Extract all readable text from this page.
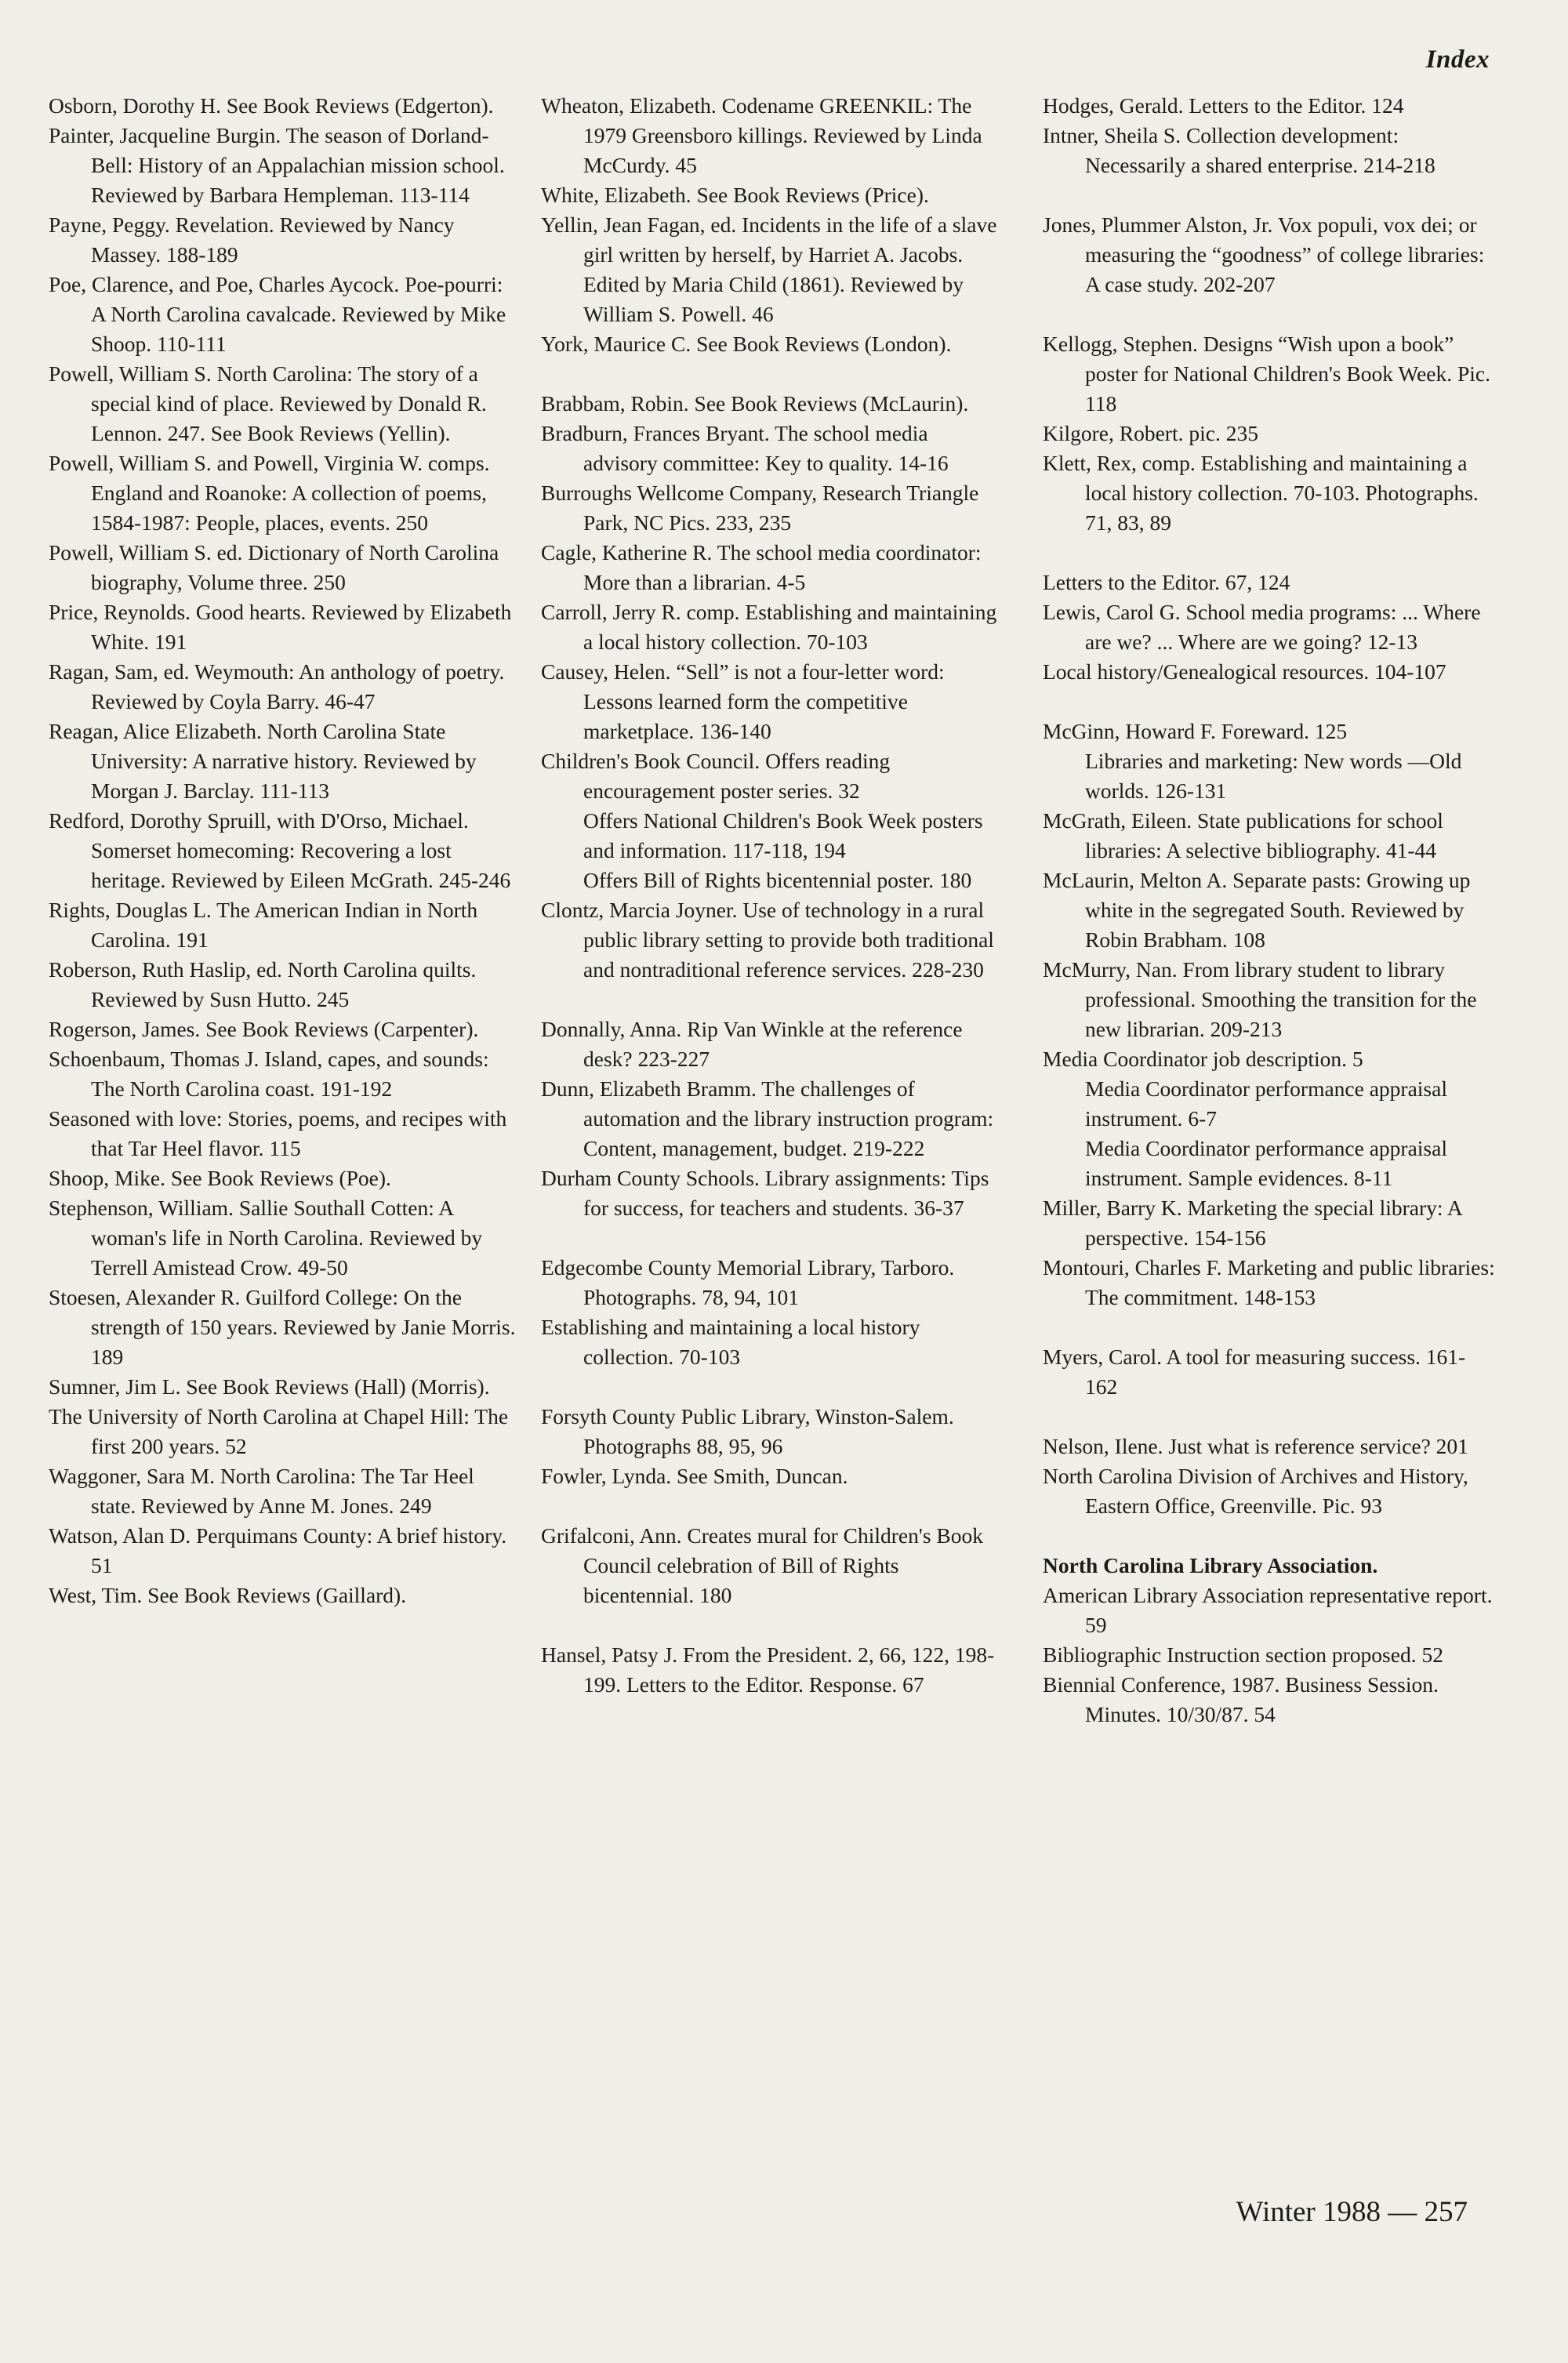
Index

Osborn, Dorothy H. See Book Reviews (Edgerton).

Painter, Jacqueline Burgin. The season of Dorland-Bell: History of an Appalachian mission school. Reviewed by Barbara Hempleman. 113-114

Payne, Peggy. Revelation. Reviewed by Nancy Massey. 188-189

Poe, Clarence, and Poe, Charles Aycock. Poe-pourri: A North Carolina cavalcade. Reviewed by Mike Shoop. 110-111

Powell, William S. North Carolina: The story of a special kind of place. Reviewed by Donald R. Lennon. 247. See Book Reviews (Yellin).

Powell, William S. and Powell, Virginia W. comps. England and Roanoke: A collection of poems, 1584-1987: People, places, events. 250

Powell, William S. ed. Dictionary of North Carolina biography, Volume three. 250

Price, Reynolds. Good hearts. Reviewed by Elizabeth White. 191

Ragan, Sam, ed. Weymouth: An anthology of poetry. Reviewed by Coyla Barry. 46-47

Reagan, Alice Elizabeth. North Carolina State University: A narrative history. Reviewed by Morgan J. Barclay. 111-113

Redford, Dorothy Spruill, with D'Orso, Michael. Somerset homecoming: Recovering a lost heritage. Reviewed by Eileen McGrath. 245-246

Rights, Douglas L. The American Indian in North Carolina. 191

Roberson, Ruth Haslip, ed. North Carolina quilts. Reviewed by Susn Hutto. 245

Rogerson, James. See Book Reviews (Carpenter).

Schoenbaum, Thomas J. Island, capes, and sounds: The North Carolina coast. 191-192

Seasoned with love: Stories, poems, and recipes with that Tar Heel flavor. 115

Shoop, Mike. See Book Reviews (Poe).

Stephenson, William. Sallie Southall Cotten: A woman's life in North Carolina. Reviewed by Terrell Amistead Crow. 49-50

Stoesen, Alexander R. Guilford College: On the strength of 150 years. Reviewed by Janie Morris. 189

Sumner, Jim L. See Book Reviews (Hall) (Morris).

The University of North Carolina at Chapel Hill: The first 200 years. 52

Waggoner, Sara M. North Carolina: The Tar Heel state. Reviewed by Anne M. Jones. 249

Watson, Alan D. Perquimans County: A brief history. 51

West, Tim. See Book Reviews (Gaillard).

Wheaton, Elizabeth. Codename GREENKIL: The 1979 Greensboro killings. Reviewed by Linda McCurdy. 45

White, Elizabeth. See Book Reviews (Price).

Yellin, Jean Fagan, ed. Incidents in the life of a slave girl written by herself, by Harriet A. Jacobs. Edited by Maria Child (1861). Reviewed by William S. Powell. 46

York, Maurice C. See Book Reviews (London).

Brabbam, Robin. See Book Reviews (McLaurin).

Bradburn, Frances Bryant. The school media advisory committee: Key to quality. 14-16

Burroughs Wellcome Company, Research Triangle Park, NC Pics. 233, 235

Cagle, Katherine R. The school media coordinator: More than a librarian. 4-5

Carroll, Jerry R. comp. Establishing and maintaining a local history collection. 70-103

Causey, Helen. “Sell” is not a four-letter word: Lessons learned form the competitive marketplace. 136-140

Children's Book Council. Offers reading encouragement poster series. 32

Offers National Children's Book Week posters and information. 117-118, 194

Offers Bill of Rights bicentennial poster. 180

Clontz, Marcia Joyner. Use of technology in a rural public library setting to provide both traditional and nontraditional reference services. 228-230

Donnally, Anna. Rip Van Winkle at the reference desk? 223-227

Dunn, Elizabeth Bramm. The challenges of automation and the library instruction program: Content, management, budget. 219-222

Durham County Schools. Library assignments: Tips for success, for teachers and students. 36-37

Edgecombe County Memorial Library, Tarboro. Photographs. 78, 94, 101

Establishing and maintaining a local history collection. 70-103

Forsyth County Public Library, Winston-Salem. Photographs 88, 95, 96

Fowler, Lynda. See Smith, Duncan.

Grifalconi, Ann. Creates mural for Children's Book Council celebration of Bill of Rights bicentennial. 180

Hansel, Patsy J. From the President. 2, 66, 122, 198-199. Letters to the Editor. Response. 67

Hodges, Gerald. Letters to the Editor. 124

Intner, Sheila S. Collection development: Necessarily a shared enterprise. 214-218

Jones, Plummer Alston, Jr. Vox populi, vox dei; or measuring the “goodness” of college libraries: A case study. 202-207

Kellogg, Stephen. Designs “Wish upon a book” poster for National Children's Book Week. Pic. 118

Kilgore, Robert. pic. 235

Klett, Rex, comp. Establishing and maintaining a local history collection. 70-103. Photographs. 71, 83, 89

Letters to the Editor. 67, 124

Lewis, Carol G. School media programs: ... Where are we? ... Where are we going? 12-13

Local history/Genealogical resources. 104-107

McGinn, Howard F. Foreward. 125

Libraries and marketing: New words —Old worlds. 126-131

McGrath, Eileen. State publications for school libraries: A selective bibliography. 41-44

McLaurin, Melton A. Separate pasts: Growing up white in the segregated South. Reviewed by Robin Brabham. 108

McMurry, Nan. From library student to library professional. Smoothing the transition for the new librarian. 209-213

Media Coordinator job description. 5

Media Coordinator performance appraisal instrument. 6-7

Media Coordinator performance appraisal instrument. Sample evidences. 8-11

Miller, Barry K. Marketing the special library: A perspective. 154-156

Montouri, Charles F. Marketing and public libraries: The commitment. 148-153

Myers, Carol. A tool for measuring success. 161-162

Nelson, Ilene. Just what is reference service? 201

North Carolina Division of Archives and History, Eastern Office, Greenville. Pic. 93

North Carolina Library Association.

American Library Association representative report. 59

Bibliographic Instruction section proposed. 52

Biennial Conference, 1987. Business Session. Minutes. 10/30/87. 54

Winter 1988 — 257
